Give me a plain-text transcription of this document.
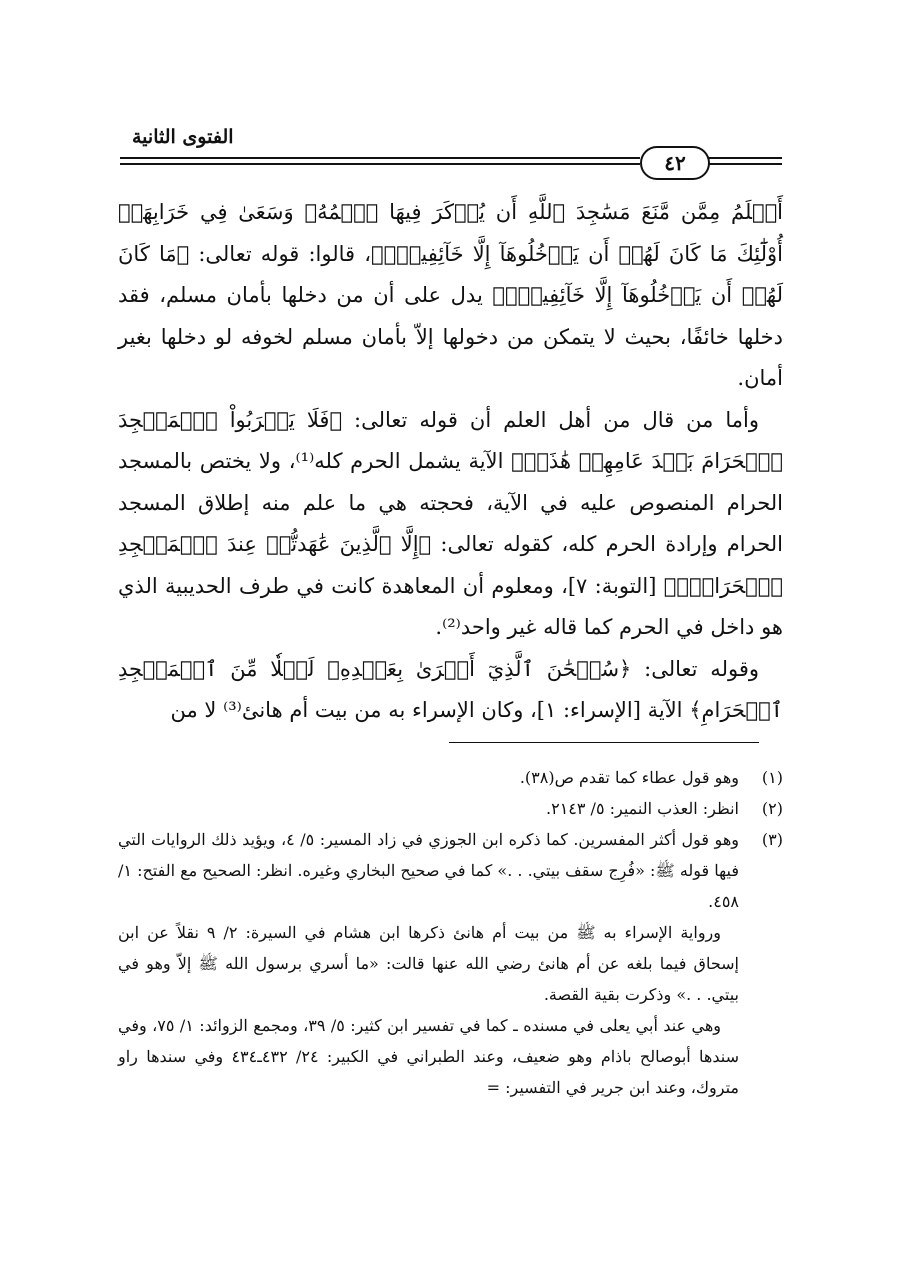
الفتوى الثانية
٤٢

أَظۡلَمُ مِمَّن مَّنَعَ مَسَٰجِدَ ٱللَّهِ أَن يُذۡكَرَ فِيهَا ٱسۡمُهُۥ وَسَعَىٰ فِي خَرَابِهَآۚ أُوْلَٰٓئِكَ مَا كَانَ لَهُمۡ أَن يَدۡخُلُوهَآ إِلَّا خَآئِفِينَۚ﴾، قالوا: قوله تعالى: ﴿مَا كَانَ لَهُمۡ أَن يَدۡخُلُوهَآ إِلَّا خَآئِفِينَۚ﴾ يدل على أن من دخلها بأمان مسلم، فقد دخلها خائفًا، بحيث لا يتمكن من دخولها إلاّ بأمان مسلم لخوفه لو دخلها بغير أمان.

وأما من قال من أهل العلم أن قوله تعالى: ﴿فَلَا يَقۡرَبُواْ ٱلۡمَسۡجِدَ ٱلۡحَرَامَ بَعۡدَ عَامِهِمۡ هَٰذَاۚ﴾ الآية يشمل الحرم كله⁽¹⁾، ولا يختص بالمسجد الحرام المنصوص عليه في الآية، فحجته هي ما علم منه إطلاق المسجد الحرام وإرادة الحرم كله، كقوله تعالى: ﴿إِلَّا ٱلَّذِينَ عَٰهَدتُّمۡ عِندَ ٱلۡمَسۡجِدِ ٱلۡحَرَامِۖ﴾ [التوبة: ٧]، ومعلوم أن المعاهدة كانت في طرف الحديبية الذي هو داخل في الحرم كما قاله غير واحد⁽²⁾.

وقوله تعالى: ﴿سُبۡحَٰنَ ٱلَّذِيٓ أَسۡرَىٰ بِعَبۡدِهِۦ لَيۡلٗا مِّنَ ٱلۡمَسۡجِدِ ٱلۡحَرَامِ﴾ الآية [الإسراء: ١]، وكان الإسراء به من بيت أم هانئ⁽³⁾ لا من

(١)

وهو قول عطاء كما تقدم ص(٣٨).

(٢)

انظر: العذب النمير: ٥/ ٢١٤٣.

(٣)

وهو قول أكثر المفسرين. كما ذكره ابن الجوزي في زاد المسير: ٥/ ٤، ويؤيد ذلك الروايات التي فيها قوله ﷺ: «فُرِج سقف بيتي. . .» كما في صحيح البخاري وغيره. انظر: الصحيح مع الفتح: ١/ ٤٥٨.

ورواية الإسراء به ﷺ من بيت أم هانئ ذكرها ابن هشام في السيرة: ٢/ ٩ نقلاً عن ابن إسحاق فيما بلغه عن أم هانئ رضي الله عنها قالت: «ما أسري برسول الله ﷺ إلاّ وهو في بيتي. . .» وذكرت بقية القصة.

وهي عند أبي يعلى في مسنده ـ كما في تفسير ابن كثير: ٥/ ٣٩، ومجمع الزوائد: ١/ ٧٥، وفي سندها أبوصالح باذام وهو ضعيف، وعند الطبراني في الكبير: ٢٤/ ٤٣٢ـ٤٣٤ وفي سندها راو متروك، وعند ابن جرير في التفسير: =
